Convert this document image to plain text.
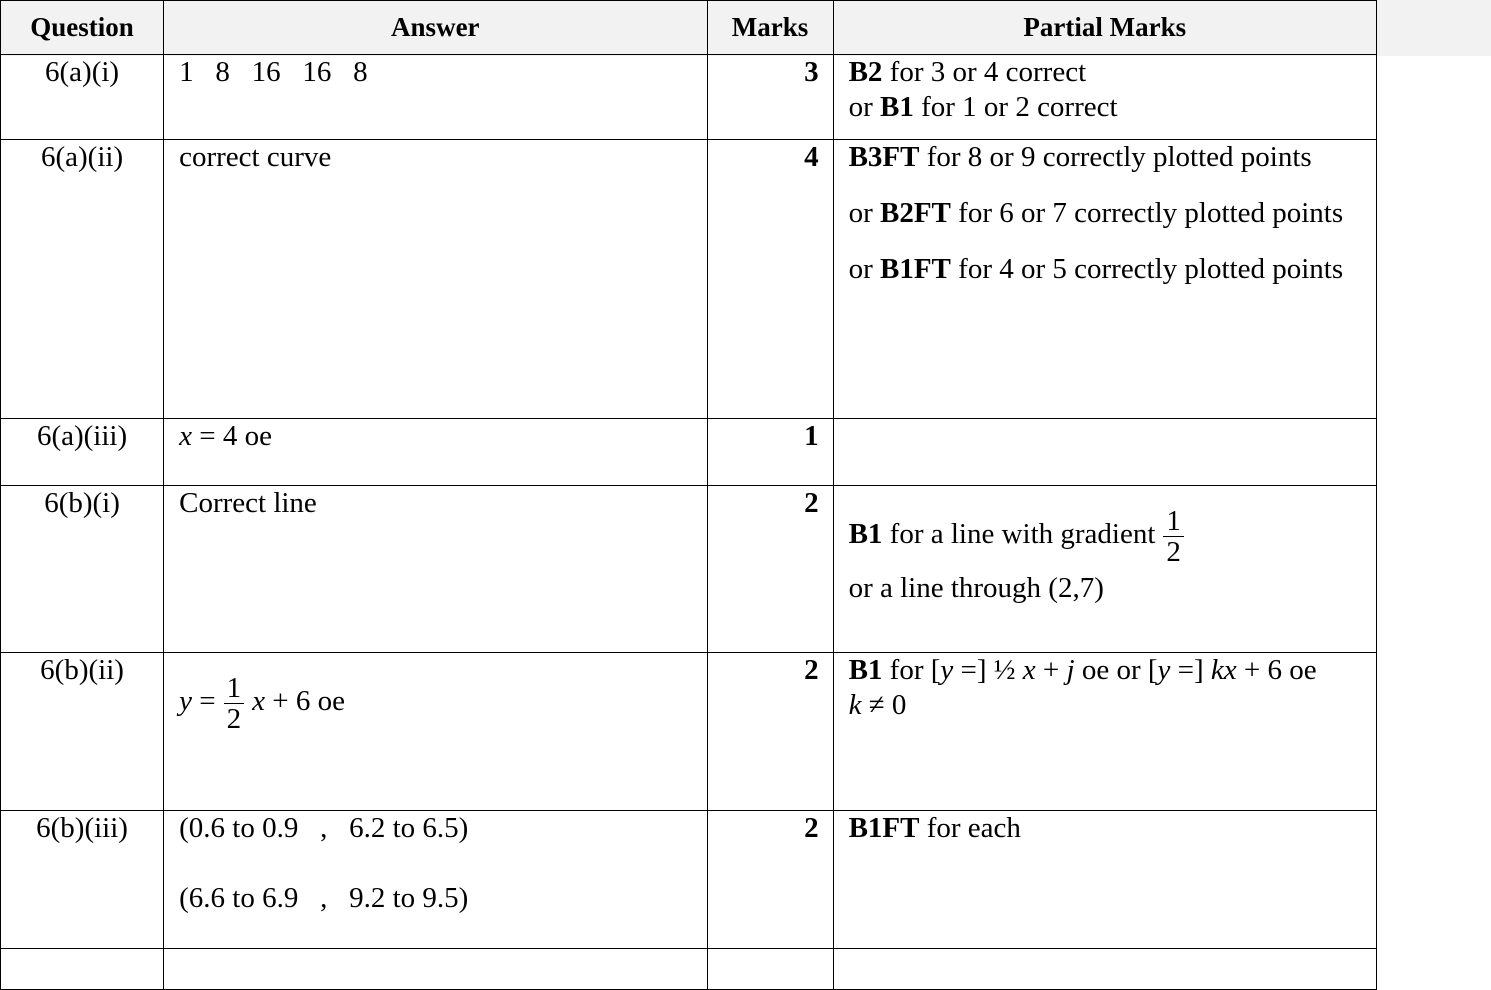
Question	Answer	Marks	Partial Marks
6(a)(i)	1   8   16   16   8	3	B2 for 3 or 4 correct
or B1 for 1 or 2 correct

6(a)(ii)	correct curve	4	B3FT for 8 or 9 correctly plotted points
or B2FT for 6 or 7 correctly plotted points
or B1FT for 4 or 5 correctly plotted points

6(a)(iii)	x = 4 oe	1	
6(b)(i)	Correct line	2	B1 for a line with gradient $\frac{1}{2}$
or a line through (2,7)

6(b)(ii)	$y = \frac{1}{2}$ x + 6 oe	2	B1 for [y =] ½ x + j oe or [y =] kx + 6 oe
k ≠ 0
6(b)(iii)	(0.6 to 0.9   ,   6.2 to 6.5)
(6.6 to 6.9   ,   9.2 to 9.5)	2	B1FT for each
